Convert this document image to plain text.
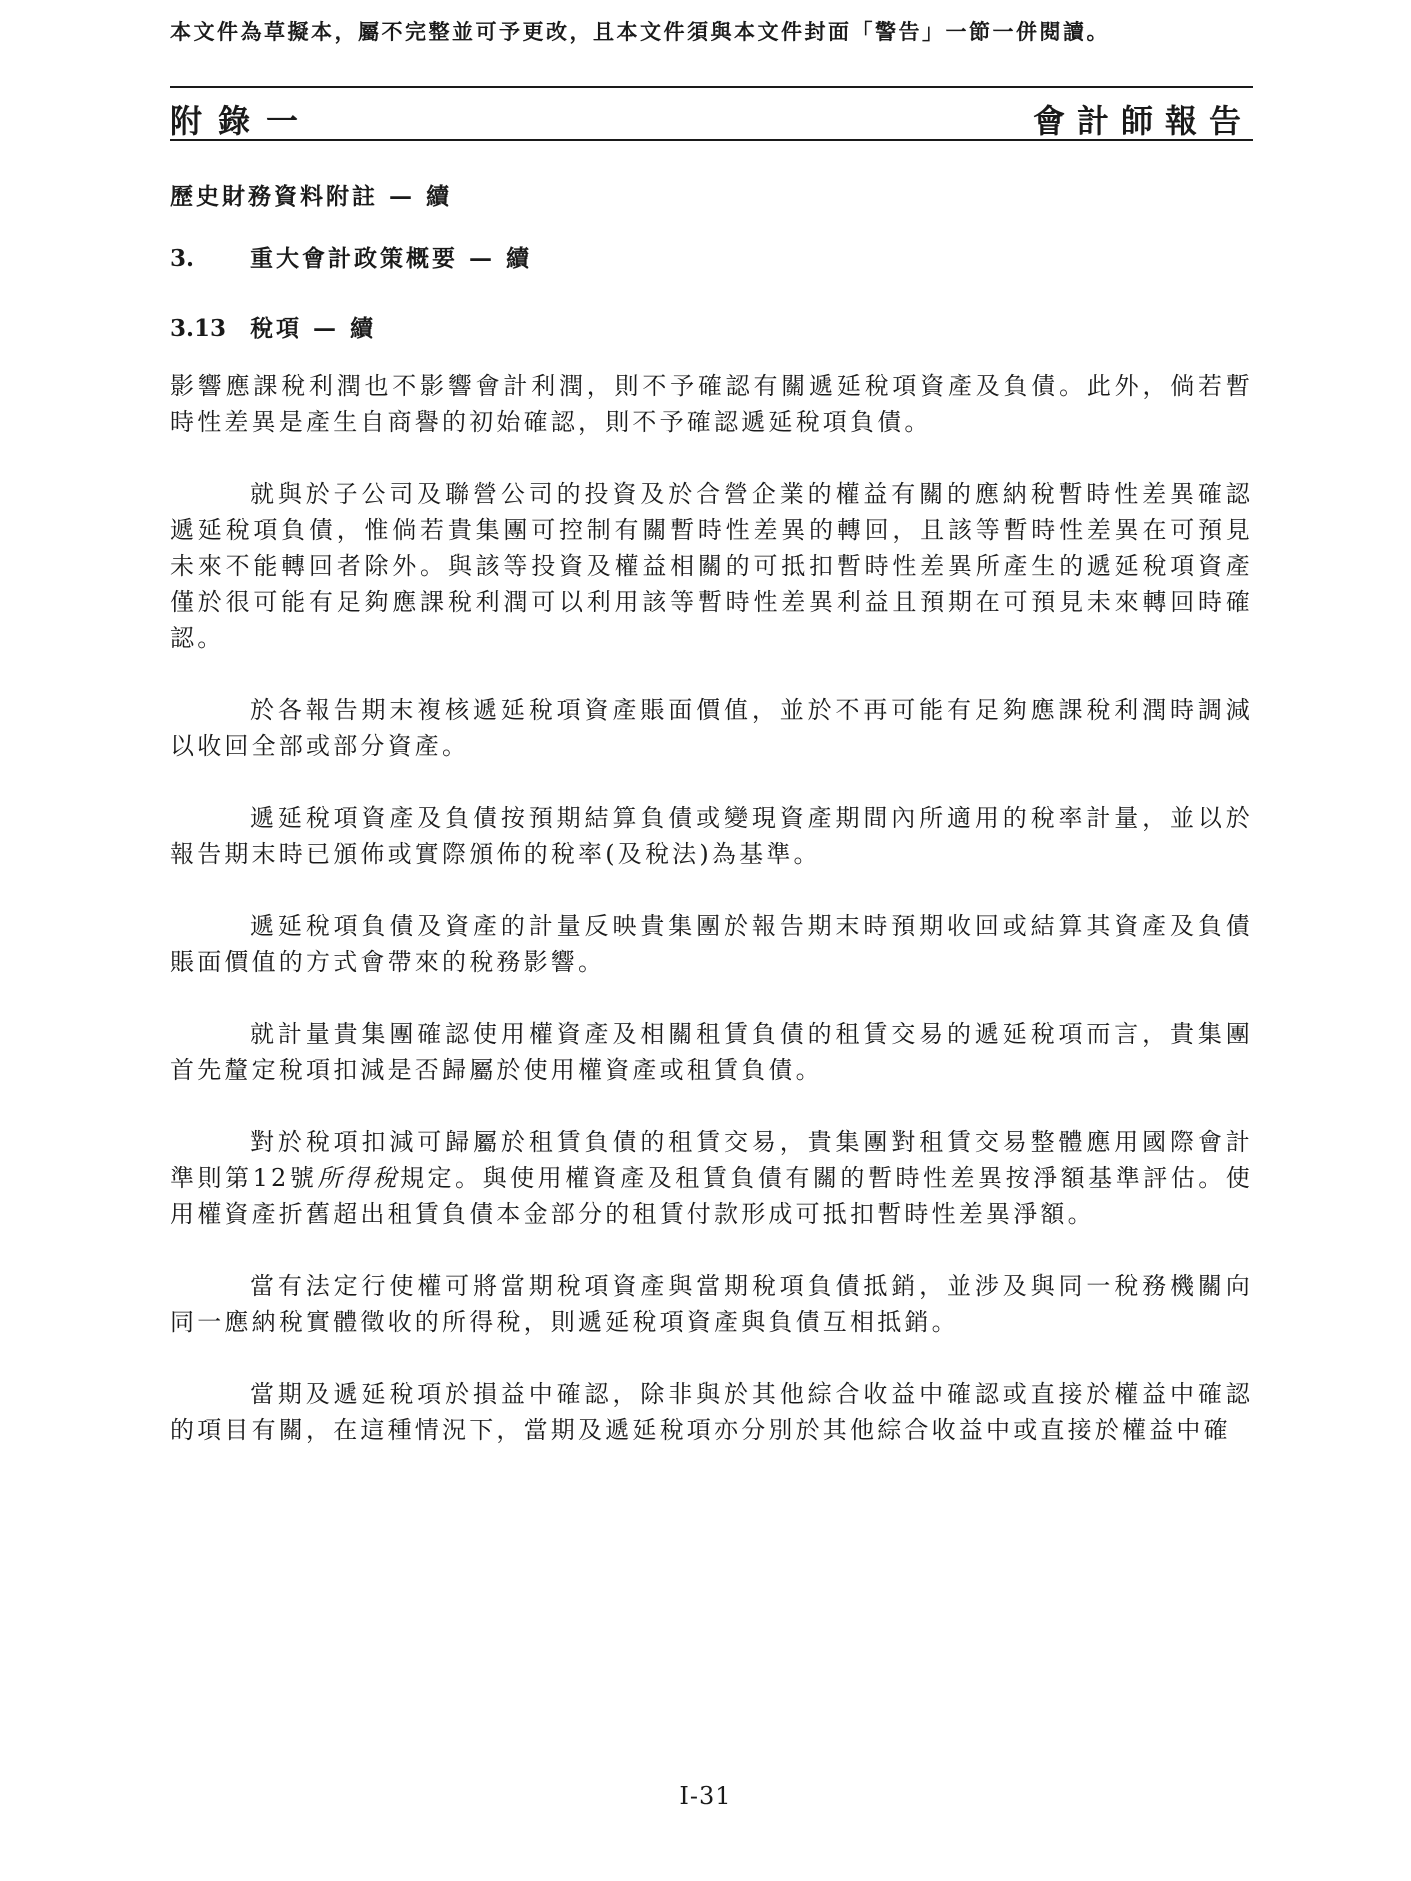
本文件為草擬本，屬不完整並可予更改，且本文件須與本文件封面「警告」一節一併閱讀。
附錄一	會計師報告
歷史財務資料附註 — 續
3. 重大會計政策概要 — 續
3.13 稅項 — 續

影響應課稅利潤也不影響會計利潤，則不予確認有關遞延稅項資產及負債。此外，倘若暫時性差異是產生自商譽的初始確認，則不予確認遞延稅項負債。

就與於子公司及聯營公司的投資及於合營企業的權益有關的應納稅暫時性差異確認遞延稅項負債，惟倘若貴集團可控制有關暫時性差異的轉回，且該等暫時性差異在可預見未來不能轉回者除外。與該等投資及權益相關的可抵扣暫時性差異所產生的遞延稅項資產僅於很可能有足夠應課稅利潤可以利用該等暫時性差異利益且預期在可預見未來轉回時確認。

於各報告期末複核遞延稅項資產賬面價值，並於不再可能有足夠應課稅利潤時調減以收回全部或部分資產。

遞延稅項資產及負債按預期結算負債或變現資產期間內所適用的稅率計量，並以於報告期末時已頒佈或實際頒佈的稅率(及稅法)為基準。

遞延稅項負債及資產的計量反映貴集團於報告期末時預期收回或結算其資產及負債賬面價值的方式會帶來的稅務影響。

就計量貴集團確認使用權資產及相關租賃負債的租賃交易的遞延稅項而言，貴集團首先釐定稅項扣減是否歸屬於使用權資產或租賃負債。

對於稅項扣減可歸屬於租賃負債的租賃交易，貴集團對租賃交易整體應用國際會計準則第12號所得稅規定。與使用權資產及租賃負債有關的暫時性差異按淨額基準評估。使用權資產折舊超出租賃負債本金部分的租賃付款形成可抵扣暫時性差異淨額。

當有法定行使權可將當期稅項資產與當期稅項負債抵銷，並涉及與同一稅務機關向同一應納稅實體徵收的所得稅，則遞延稅項資產與負債互相抵銷。

當期及遞延稅項於損益中確認，除非與於其他綜合收益中確認或直接於權益中確認的項目有關，在這種情況下，當期及遞延稅項亦分別於其他綜合收益中或直接於權益中確

I-31
